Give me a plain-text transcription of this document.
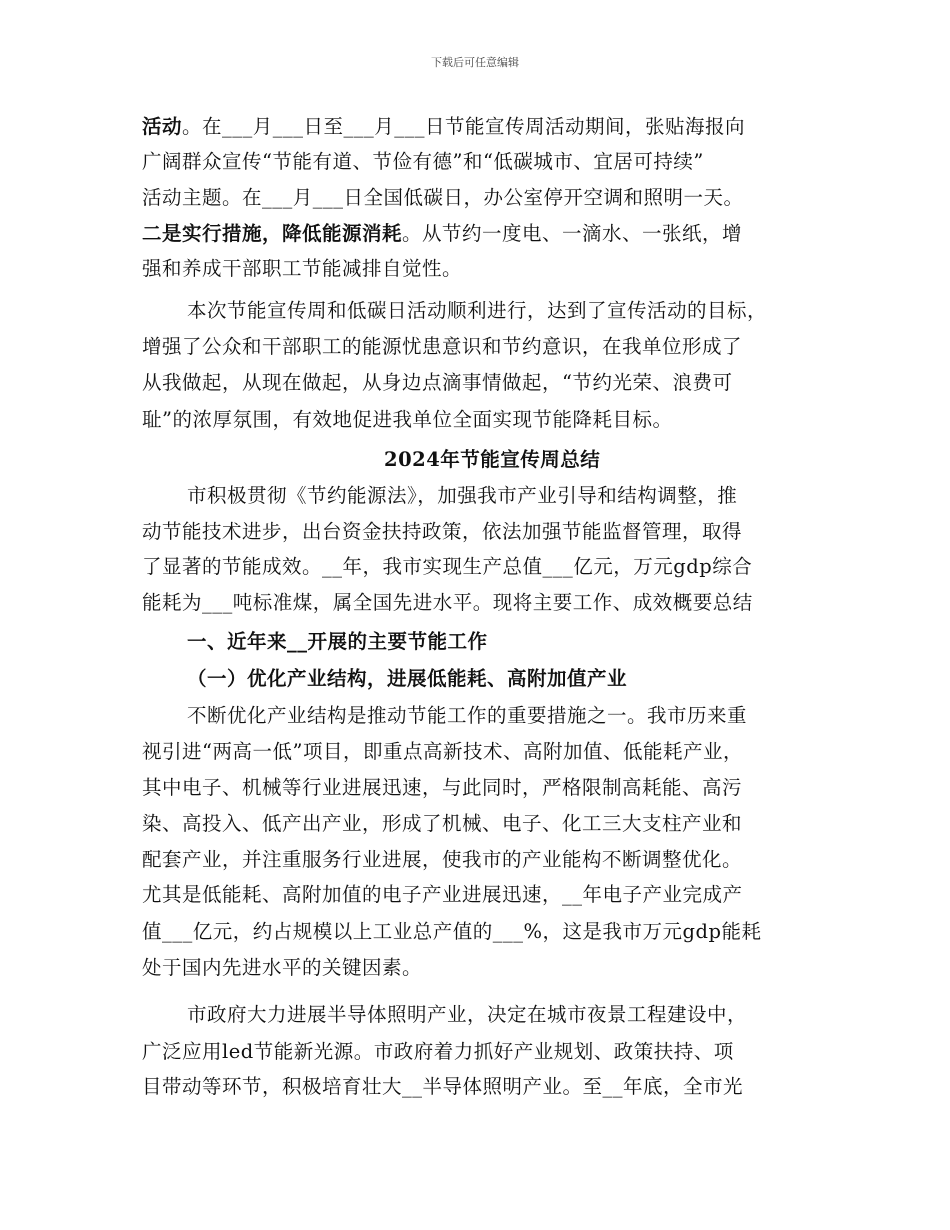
下载后可任意编辑
活动。在___月___日至___月___日节能宣传周活动期间，张贴海报向
广阔群众宣传“节能有道、节俭有德”和“低碳城市、宜居可持续”
活动主题。在___月___日全国低碳日，办公室停开空调和照明一天。
二是实行措施，降低能源消耗。从节约一度电、一滴水、一张纸，增
强和养成干部职工节能减排自觉性。
本次节能宣传周和低碳日活动顺利进行，达到了宣传活动的目标，
增强了公众和干部职工的能源忧患意识和节约意识，在我单位形成了
从我做起，从现在做起，从身边点滴事情做起，“节约光荣、浪费可
耻”的浓厚氛围，有效地促进我单位全面实现节能降耗目标。
2024年节能宣传周总结
市积极贯彻《节约能源法》，加强我市产业引导和结构调整，推
动节能技术进步，出台资金扶持政策，依法加强节能监督管理，取得
了显著的节能成效。__年，我市实现生产总值___亿元，万元gdp综合
能耗为___吨标准煤，属全国先进水平。现将主要工作、成效概要总结
一、近年来__开展的主要节能工作
（一）优化产业结构，进展低能耗、高附加值产业
不断优化产业结构是推动节能工作的重要措施之一。我市历来重
视引进“两高一低”项目，即重点高新技术、高附加值、低能耗产业，
其中电子、机械等行业进展迅速，与此同时，严格限制高耗能、高污
染、高投入、低产出产业，形成了机械、电子、化工三大支柱产业和
配套产业，并注重服务行业进展，使我市的产业能构不断调整优化。
尤其是低能耗、高附加值的电子产业进展迅速，__年电子产业完成产
值___亿元，约占规模以上工业总产值的___%，这是我市万元gdp能耗
处于国内先进水平的关键因素。
市政府大力进展半导体照明产业，决定在城市夜景工程建设中，
广泛应用led节能新光源。市政府着力抓好产业规划、政策扶持、项
目带动等环节，积极培育壮大__半导体照明产业。至__年底，全市光
